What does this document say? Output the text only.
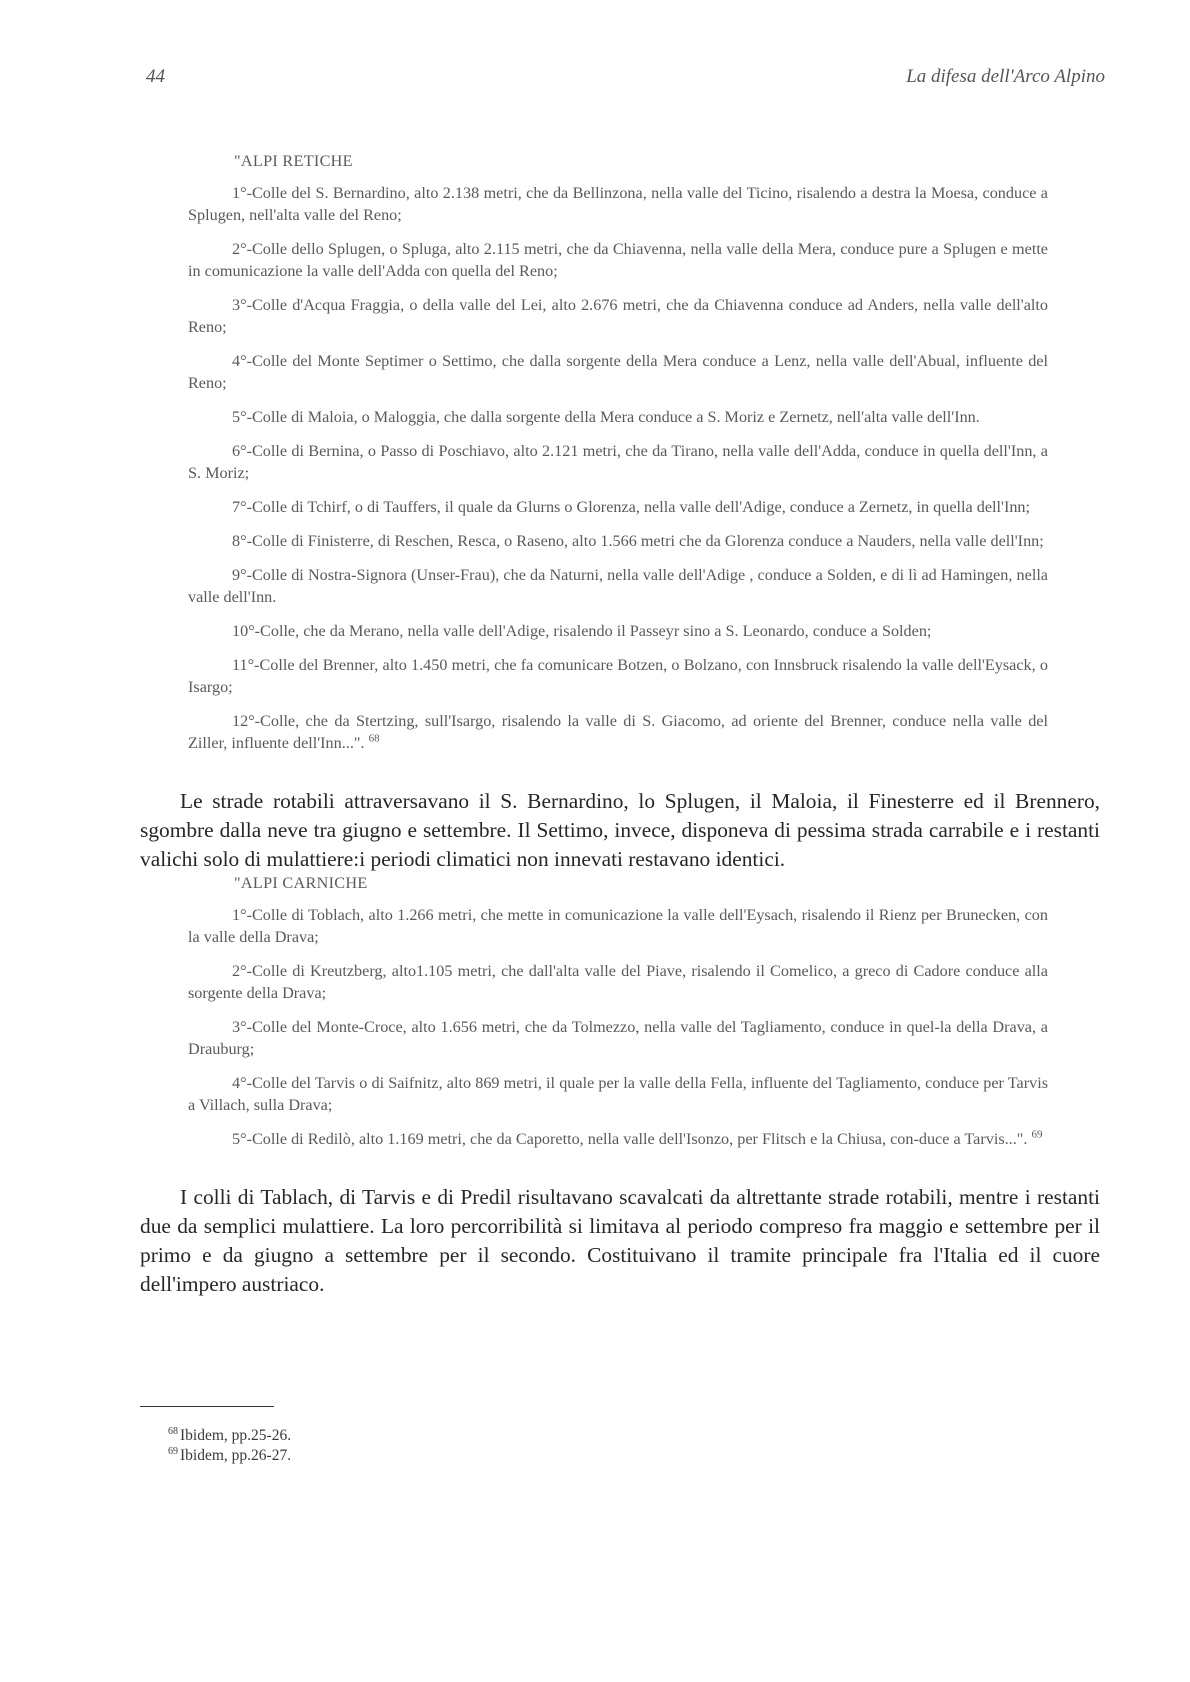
44	La difesa dell'Arco Alpino

"ALPI RETICHE

1°-Colle del S. Bernardino, alto 2.138 metri, che da Bellinzona, nella valle del Ticino, risalendo a destra la Moesa, conduce a Splugen, nell'alta valle del Reno;

2°-Colle dello Splugen, o Spluga, alto 2.115 metri, che da Chiavenna, nella valle della Mera, conduce pure a Splugen e mette in comunicazione la valle dell'Adda con quella del Reno;

3°-Colle d'Acqua Fraggia, o della valle del Lei, alto 2.676 metri, che da Chiavenna conduce ad Anders, nella valle dell'alto Reno;

4°-Colle del Monte Septimer o Settimo, che dalla sorgente della Mera conduce a Lenz, nella valle dell'Abual, influente del Reno;

5°-Colle di Maloia, o Maloggia, che dalla sorgente della Mera conduce a S. Moriz e Zernetz, nell'alta valle dell'Inn.

6°-Colle di Bernina, o Passo di Poschiavo, alto 2.121 metri, che da Tirano, nella valle dell'Adda, conduce in quella dell'Inn, a S. Moriz;

7°-Colle di Tchirf, o di Tauffers, il quale da Glurns o Glorenza, nella valle dell'Adige, conduce a Zernetz, in quella dell'Inn;

8°-Colle di Finisterre, di Reschen, Resca, o Raseno, alto 1.566 metri che da Glorenza conduce a Nauders, nella valle dell'Inn;

9°-Colle di Nostra-Signora (Unser-Frau), che da Naturni, nella valle dell'Adige , conduce a Solden, e di lì ad Hamingen, nella valle dell'Inn.

10°-Colle, che da Merano, nella valle dell'Adige, risalendo il Passeyr sino a S. Leonardo, conduce a Solden;

11°-Colle del Brenner, alto 1.450 metri, che fa comunicare Botzen, o Bolzano, con Innsbruck risalendo la valle dell'Eysack, o Isargo;

12°-Colle, che da Stertzing, sull'Isargo, risalendo la valle di S. Giacomo, ad oriente del Brenner, conduce nella valle del Ziller, influente dell'Inn...". $^{68}$

Le strade rotabili attraversavano il S. Bernardino, lo Splugen, il Maloia, il Finesterre ed il Brennero, sgombre dalla neve tra giugno e settembre. Il Settimo, invece, disponeva di pessima strada carrabile e i restanti valichi solo di mulattiere:i periodi climatici non innevati restavano identici.

"ALPI CARNICHE

1°-Colle di Toblach, alto 1.266 metri, che mette in comunicazione la valle dell'Eysach, risalendo il Rienz per Brunecken, con la valle della Drava;

2°-Colle di Kreutzberg, alto1.105 metri, che dall'alta valle del Piave, risalendo il Comelico, a greco di Cadore conduce alla sorgente della Drava;

3°-Colle del Monte-Croce, alto 1.656 metri, che da Tolmezzo, nella valle del Tagliamento, conduce in quel-la della Drava, a Drauburg;

4°-Colle del Tarvis o di Saifnitz, alto 869 metri, il quale per la valle della Fella, influente del Tagliamento, conduce per Tarvis a Villach, sulla Drava;

5°-Colle di Redilò, alto 1.169 metri, che da Caporetto, nella valle dell'Isonzo, per Flitsch e la Chiusa, con-duce a Tarvis...". $^{69}$

I colli di Tablach, di Tarvis e di Predil risultavano scavalcati da altrettante strade rotabili, mentre i restanti due da semplici mulattiere. La loro percorribilità si limitava al periodo compreso fra maggio e settembre per il primo e da giugno a settembre per il secondo. Costituivano il tramite principale fra l'Italia ed il cuore dell'impero austriaco.

$^{68}$ Ibidem, pp.25-26.
$^{69}$ Ibidem, pp.26-27.
